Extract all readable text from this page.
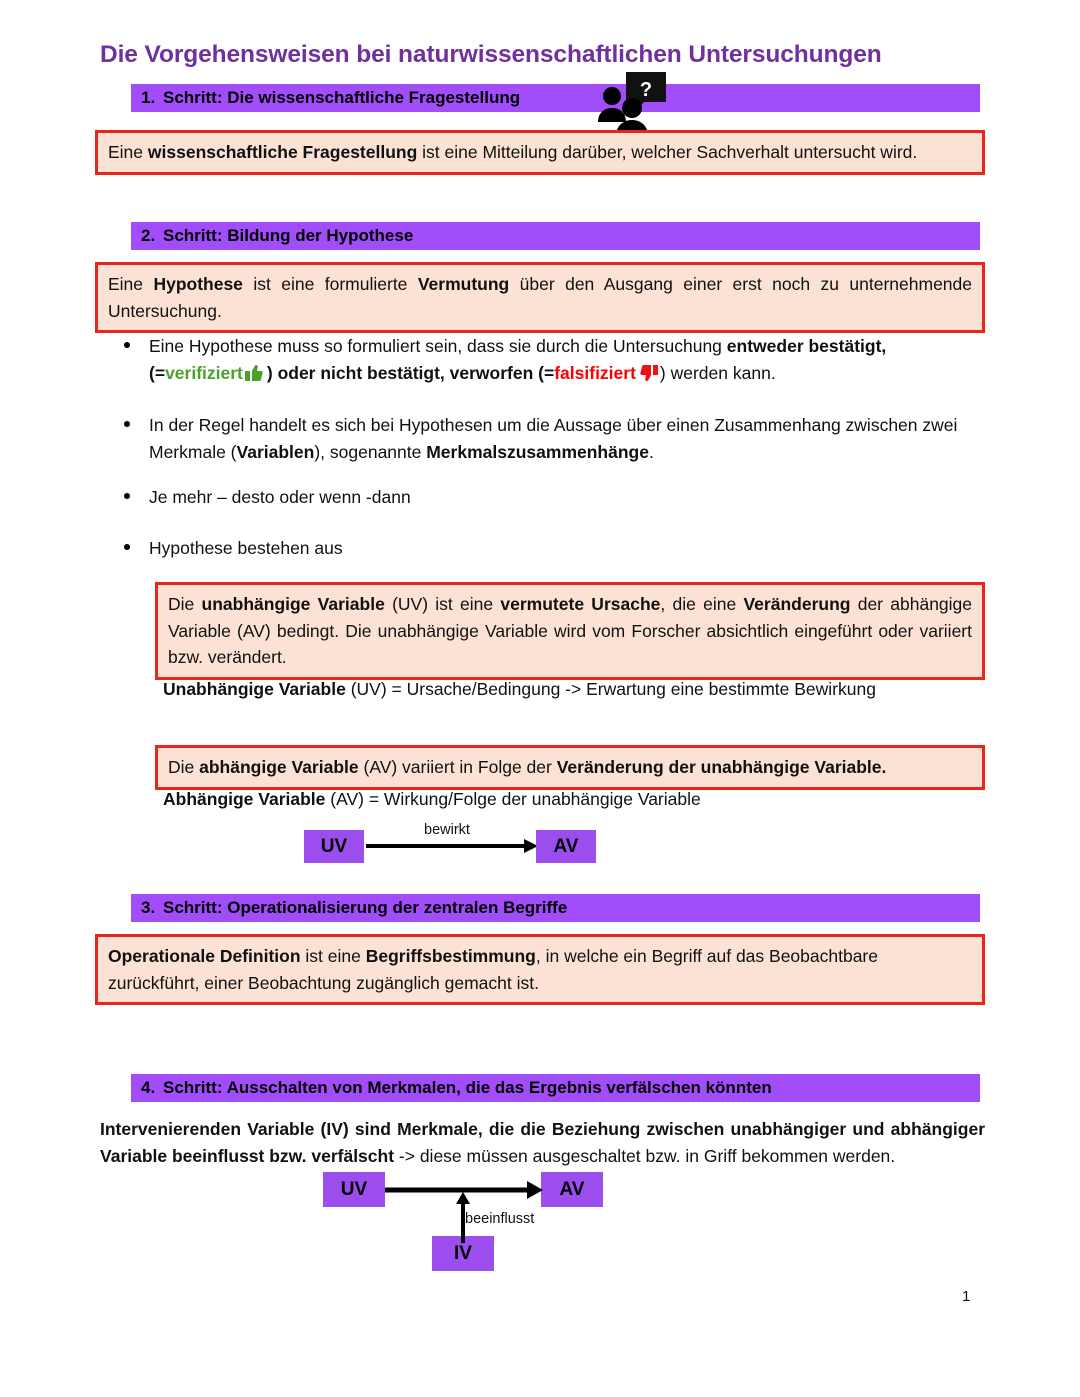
Die Vorgehensweisen bei naturwissenschaftlichen Untersuchungen
1. Schritt: Die wissenschaftliche Fragestellung	?
Eine wissenschaftliche Fragestellung ist eine Mitteilung darüber, welcher Sachverhalt untersucht wird.
2. Schritt: Bildung der Hypothese
Eine Hypothese ist eine formulierte Vermutung über den Ausgang einer erst noch zu unternehmende Untersuchung.
Eine Hypothese muss so formuliert sein, dass sie durch die Untersuchung entweder bestätigt,
(=verifiziert ) oder nicht bestätigt, verworfen (=falsifiziert ) werden kann.
In der Regel handelt es sich bei Hypothesen um die Aussage über einen Zusammenhang zwischen zwei Merkmale (Variablen), sogenannte Merkmalszusammenhänge.
Je mehr – desto oder wenn -dann
Hypothese bestehen aus
Die unabhängige Variable (UV) ist eine vermutete Ursache, die eine Veränderung der abhängige Variable (AV) bedingt. Die unabhängige Variable wird vom Forscher absichtlich eingeführt oder variiert bzw. verändert.
Unabhängige Variable (UV) = Ursache/Bedingung -> Erwartung eine bestimmte Bewirkung
Die abhängige Variable (AV) variiert in Folge der Veränderung der unabhängige Variable.
Abhängige Variable (AV) = Wirkung/Folge der unabhängige Variable
UV
bewirkt
AV
3. Schritt: Operationalisierung der zentralen Begriffe
Operationale Definition ist eine Begriffsbestimmung, in welche ein Begriff auf das Beobachtbare zurückführt, einer Beobachtung zugänglich gemacht ist.
4. Schritt: Ausschalten von Merkmalen, die das Ergebnis verfälschen könnten
Intervenierenden Variable (IV) sind Merkmale, die die Beziehung zwischen unabhängiger und abhängiger Variable beeinflusst bzw. verfälscht -> diese müssen ausgeschaltet bzw. in Griff bekommen werden.
UV	AV
IV
beeinflusst
1
